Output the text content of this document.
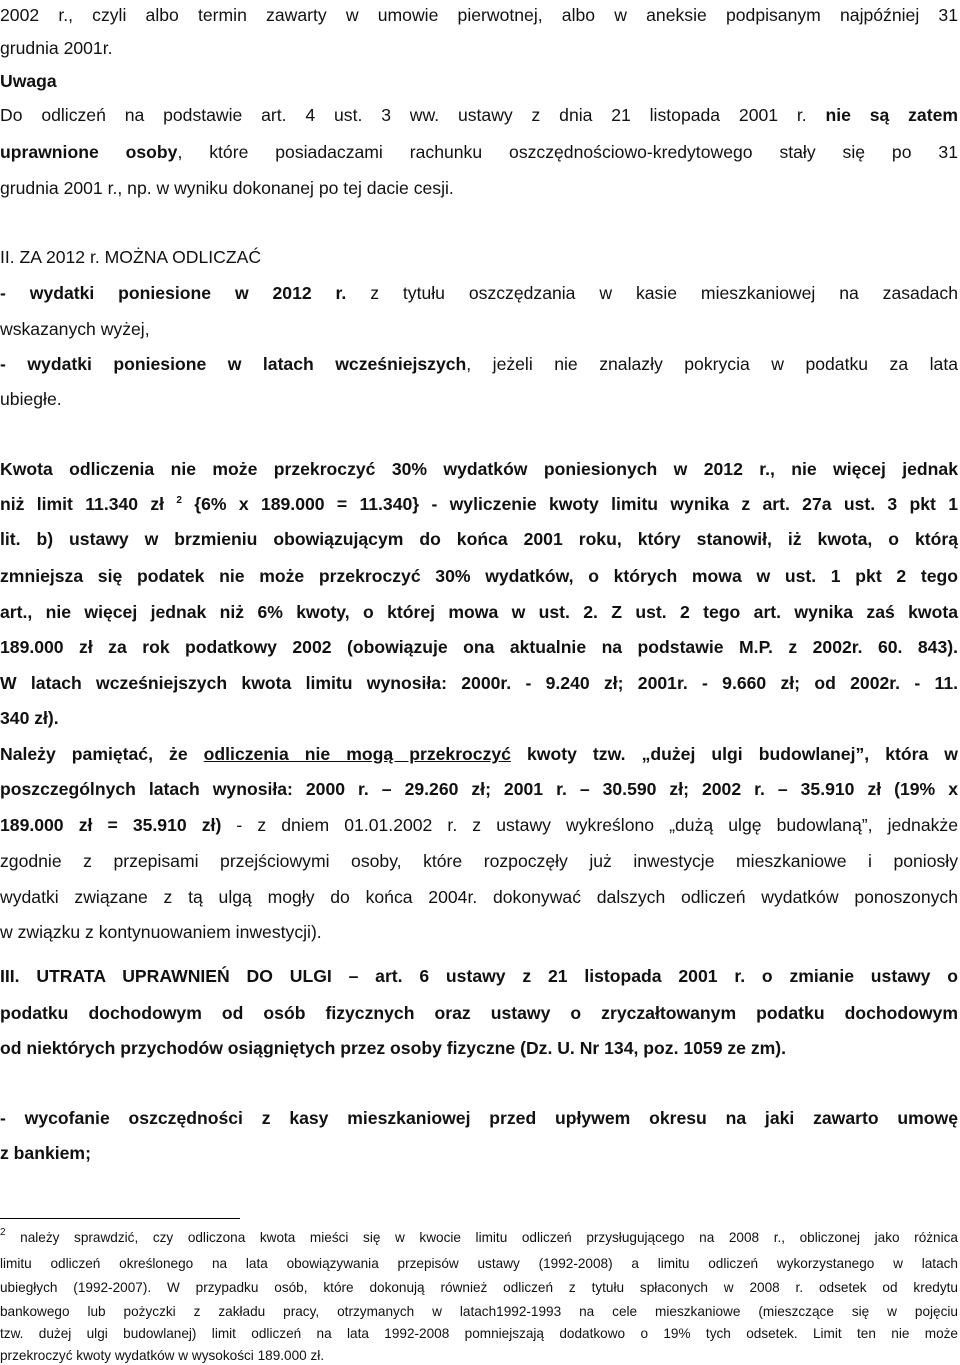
2002 r., czyli albo termin zawarty w umowie pierwotnej, albo w aneksie podpisanym najpóźniej 31
grudnia 2001r.
Uwaga
Do odliczeń na podstawie art. 4 ust. 3 ww. ustawy z dnia 21 listopada 2001 r. nie są zatem
uprawnione osoby, które posiadaczami rachunku oszczędnościowo-kredytowego stały się po 31
grudnia 2001 r., np. w wyniku dokonanej po tej dacie cesji.
II. ZA 2012 r. MOŻNA ODLICZAĆ
- wydatki poniesione w 2012 r. z tytułu oszczędzania w kasie mieszkaniowej na zasadach
wskazanych wyżej,
- wydatki poniesione w latach wcześniejszych, jeżeli nie znalazły pokrycia w podatku za lata
ubiegłe.
Kwota odliczenia nie może przekroczyć 30% wydatków poniesionych w 2012 r., nie więcej jednak
niż limit 11.340 zł $^2$ {6% x 189.000 = 11.340} - wyliczenie kwoty limitu wynika z art. 27a ust. 3 pkt 1
lit. b) ustawy w brzmieniu obowiązującym do końca 2001 roku, który stanowił, iż kwota, o którą
zmniejsza się podatek nie może przekroczyć 30% wydatków, o których mowa w ust. 1 pkt 2 tego
art., nie więcej jednak niż 6% kwoty, o której mowa w ust. 2. Z ust. 2 tego art. wynika zaś kwota
189.000 zł za rok podatkowy 2002 (obowiązuje ona aktualnie na podstawie M.P. z 2002r. 60. 843).
W latach wcześniejszych kwota limitu wynosiła: 2000r. - 9.240 zł; 2001r. - 9.660 zł; od 2002r. - 11.
340 zł).
Należy pamiętać, że odliczenia nie mogą przekroczyć kwoty tzw. „dużej ulgi budowlanej”, która w
poszczególnych latach wynosiła: 2000 r. – 29.260 zł; 2001 r. – 30.590 zł; 2002 r. – 35.910 zł (19% x
189.000 zł = 35.910 zł) - z dniem 01.01.2002 r. z ustawy wykreślono „dużą ulgę budowlaną”, jednakże
zgodnie z przepisami przejściowymi osoby, które rozpoczęły już inwestycje mieszkaniowe i poniosły
wydatki związane z tą ulgą mogły do końca 2004r. dokonywać dalszych odliczeń wydatków ponoszonych
w związku z kontynuowaniem inwestycji).
III. UTRATA UPRAWNIEŃ DO ULGI – art. 6 ustawy z 21 listopada 2001 r. o zmianie ustawy o
podatku dochodowym od osób fizycznych oraz ustawy o zryczałtowanym podatku dochodowym
od niektórych przychodów osiągniętych przez osoby fizyczne (Dz. U. Nr 134, poz. 1059 ze zm).
- wycofanie oszczędności z kasy mieszkaniowej przed upływem okresu na jaki zawarto umowę
z bankiem;
$^2$ należy sprawdzić, czy odliczona kwota mieści się w kwocie limitu odliczeń przysługującego na 2008 r., obliczonej jako różnica
limitu odliczeń określonego na lata obowiązywania przepisów ustawy (1992-2008) a limitu odliczeń wykorzystanego w latach
ubiegłych (1992-2007). W przypadku osób, które dokonują również odliczeń z tytułu spłaconych w 2008 r. odsetek od kredytu
bankowego lub pożyczki z zakładu pracy, otrzymanych w latach1992-1993 na cele mieszkaniowe (mieszczące się w pojęciu
tzw. dużej ulgi budowlanej) limit odliczeń na lata 1992-2008 pomniejszają dodatkowo o 19% tych odsetek. Limit ten nie może
przekroczyć kwoty wydatków w wysokości 189.000 zł.
